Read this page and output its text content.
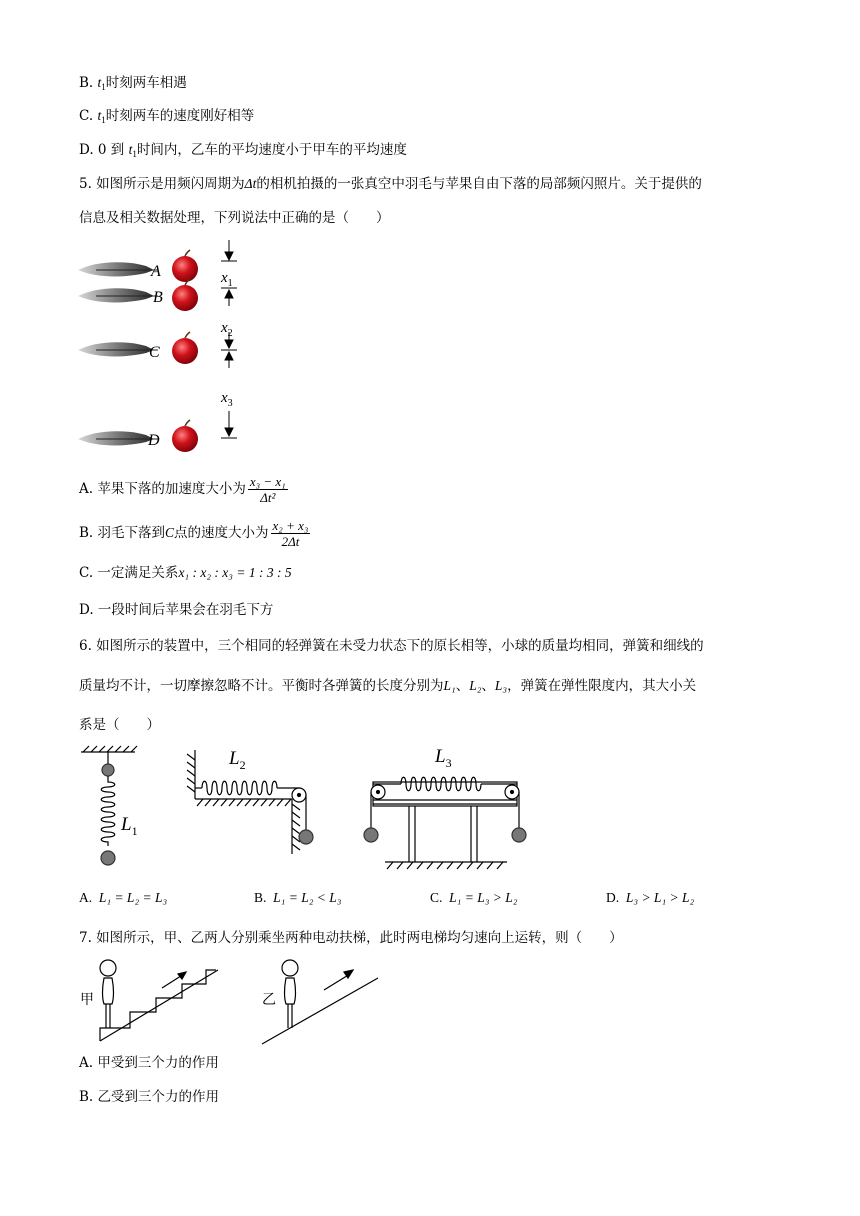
B. $t_1$时刻两车相遇
C. $t_1$时刻两车的速度刚好相等
D. 0 到 $t_1$时间内，乙车的平均速度小于甲车的平均速度
5. 如图所示是用频闪周期为Δt的相机拍摄的一张真空中羽毛与苹果自由下落的局部频闪照片。关于提供的
信息及相关数据处理，下列说法中正确的是（　　）
A
B
C
D
$x_1$
$x_2$
$x_3$
A. 苹果下落的加速度大小为 $\frac{\text{x₃ − x₁}}{\text{Δt²}}$
B. 羽毛下落到C点的速度大小为 $\frac{\text{x₂ + x₃}}{2\Delta t}$
C. 一定满足关系x₁ : x₂ : x₃ = 1 : 3 : 5
D. 一段时间后苹果会在羽毛下方
6. 如图所示的装置中，三个相同的轻弹簧在未受力状态下的原长相等，小球的质量均相同，弹簧和细线的
质量均不计，一切摩擦忽略不计。平衡时各弹簧的长度分别为L₁、L₂、L₃，弹簧在弹性限度内，其大小关
系是（　　）
$L_1$
$L_2$	$L_3$
A. L₁ = L₂ = L₃	B. L₁ = L₂ < L₃	C. L₁ = L₃ > L₂	D. L₃ > L₁ > L₂
7. 如图所示，甲、乙两人分别乘坐两种电动扶梯，此时两电梯均匀速向上运转，则（　　）
甲	乙
A. 甲受到三个力的作用
B. 乙受到三个力的作用
